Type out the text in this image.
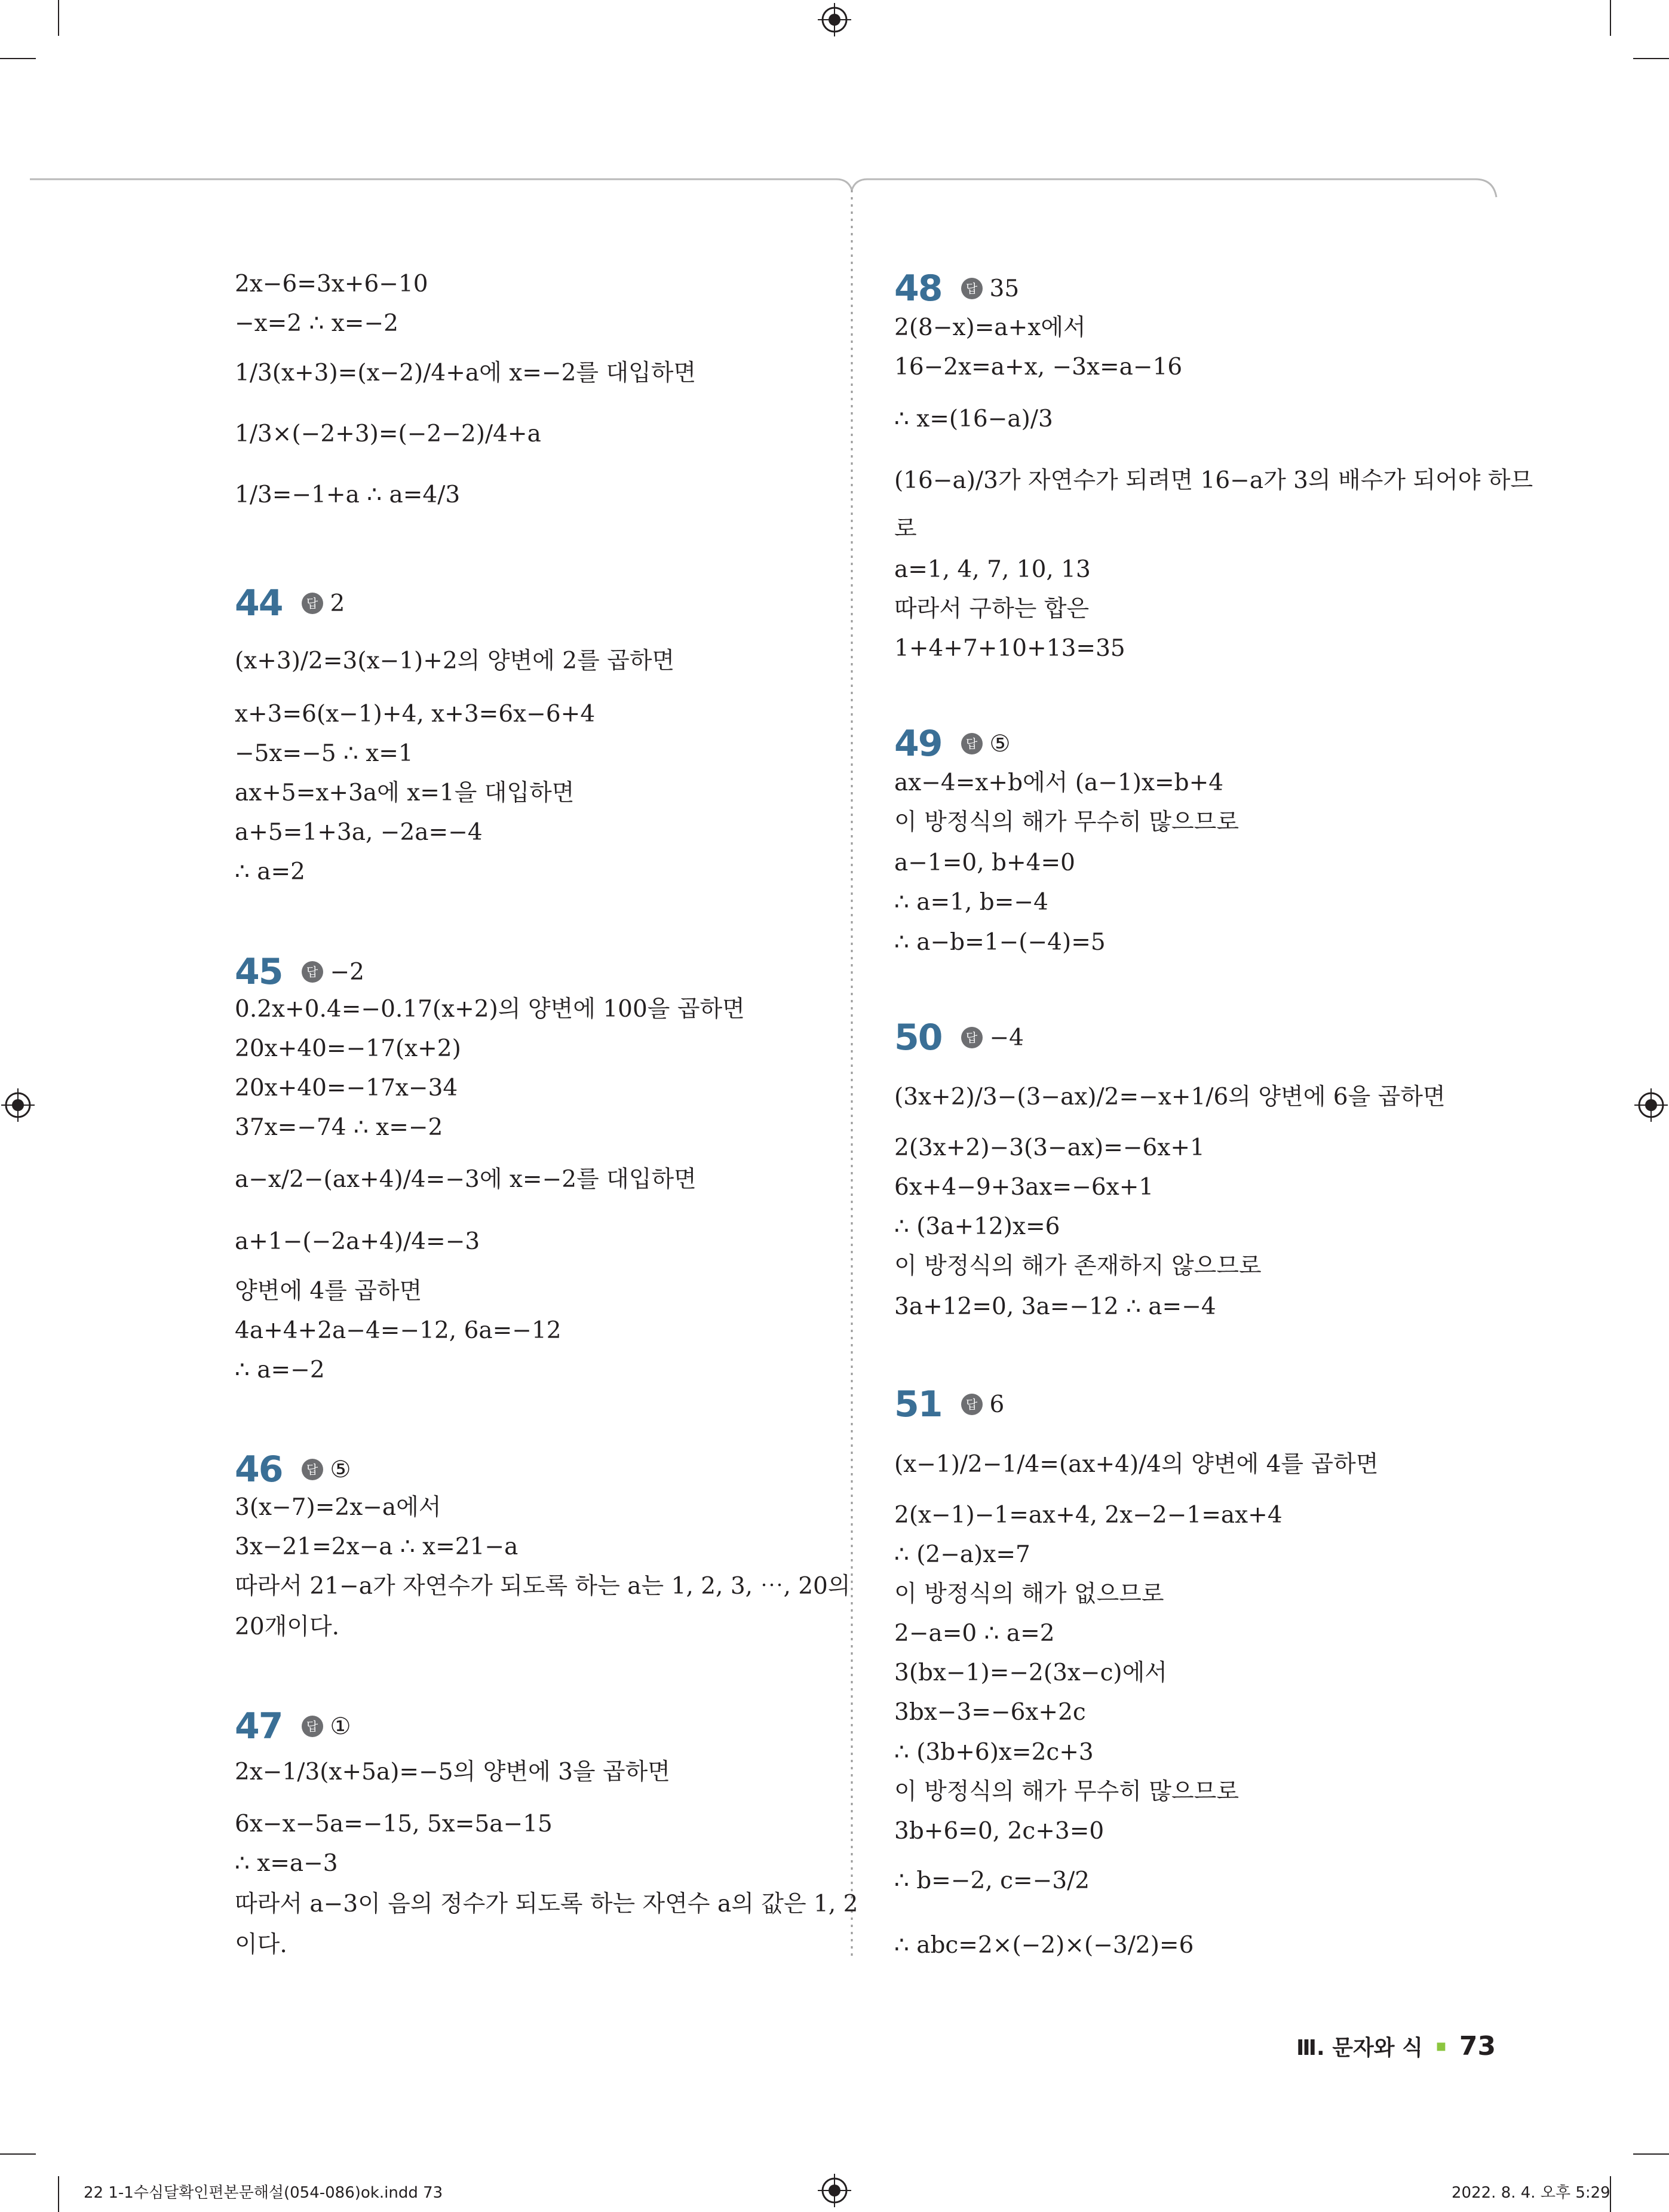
2x−6=3x+6−10
−x=2 ∴ x=−2
1/3(x+3)=(x−2)/4+a에 x=−2를 대입하면
1/3×(−2+3)=(−2−2)/4+a
1/3=−1+a ∴ a=4/3
44	답 2
(x+3)/2=3(x−1)+2의 양변에 2를 곱하면
x+3=6(x−1)+4, x+3=6x−6+4
−5x=−5 ∴ x=1
ax+5=x+3a에 x=1을 대입하면
a+5=1+3a, −2a=−4
∴ a=2
45	답 −2
0.2x+0.4=−0.17(x+2)의 양변에 100을 곱하면
20x+40=−17(x+2)
20x+40=−17x−34
37x=−74 ∴ x=−2
a−x/2−(ax+4)/4=−3에 x=−2를 대입하면
a+1−(−2a+4)/4=−3
양변에 4를 곱하면
4a+4+2a−4=−12, 6a=−12
∴ a=−2
46	답 ⑤
3(x−7)=2x−a에서
3x−21=2x−a ∴ x=21−a
따라서 21−a가 자연수가 되도록 하는 a는 1, 2, 3, ⋯, 20의
20개이다.
47	답 ①
2x−1/3(x+5a)=−5의 양변에 3을 곱하면
6x−x−5a=−15, 5x=5a−15
∴ x=a−3
따라서 a−3이 음의 정수가 되도록 하는 자연수 a의 값은 1, 2
이다.
48	답 35
2(8−x)=a+x에서
16−2x=a+x, −3x=a−16
∴ x=(16−a)/3
(16−a)/3가 자연수가 되려면 16−a가 3의 배수가 되어야 하므
로
a=1, 4, 7, 10, 13
따라서 구하는 합은
1+4+7+10+13=35
49	답 ⑤
ax−4=x+b에서 (a−1)x=b+4
이 방정식의 해가 무수히 많으므로
a−1=0, b+4=0
∴ a=1, b=−4
∴ a−b=1−(−4)=5
50	답 −4
(3x+2)/3−(3−ax)/2=−x+1/6의 양변에 6을 곱하면
2(3x+2)−3(3−ax)=−6x+1
6x+4−9+3ax=−6x+1
∴ (3a+12)x=6
이 방정식의 해가 존재하지 않으므로
3a+12=0, 3a=−12 ∴ a=−4
51	답 6
(x−1)/2−1/4=(ax+4)/4의 양변에 4를 곱하면
2(x−1)−1=ax+4, 2x−2−1=ax+4
∴ (2−a)x=7
이 방정식의 해가 없으므로
2−a=0 ∴ a=2
3(bx−1)=−2(3x−c)에서
3bx−3=−6x+2c
∴ (3b+6)x=2c+3
이 방정식의 해가 무수히 많으므로
3b+6=0, 2c+3=0
∴ b=−2, c=−3/2
∴ abc=2×(−2)×(−3/2)=6
Ⅲ. 문자와 식 ■ 73
22 1-1수심달확인편본문해설(054-086)ok.indd 73	2022. 8. 4. 오후 5:29
